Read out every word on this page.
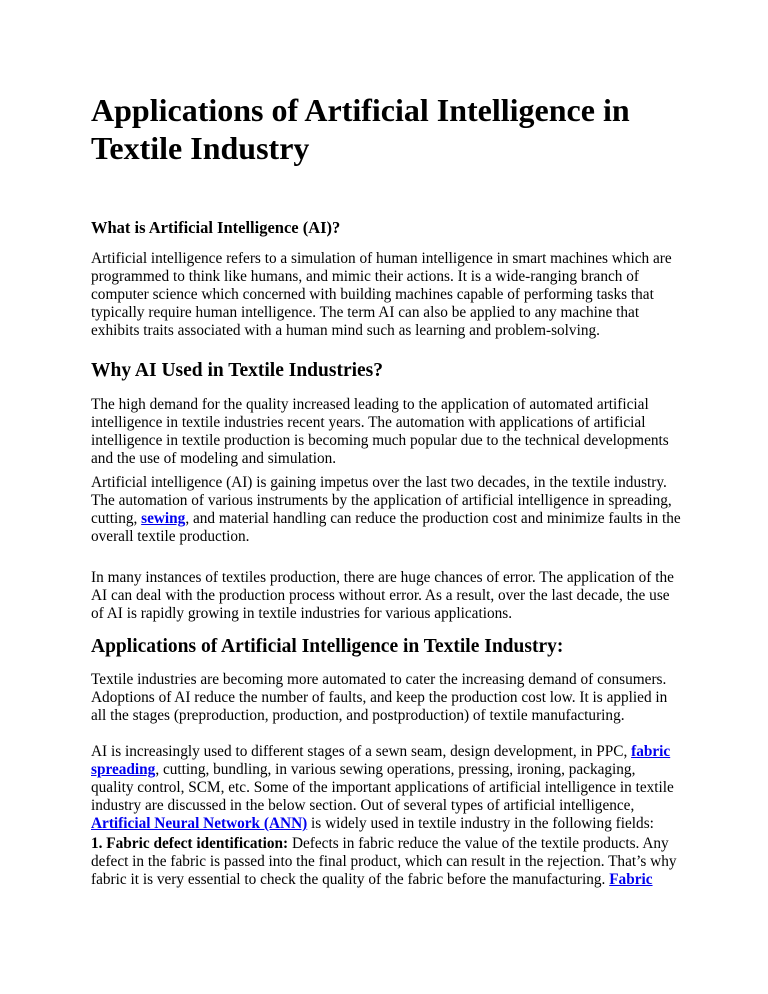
Applications of Artificial Intelligence in Textile Industry
What is Artificial Intelligence (AI)?

Artificial intelligence refers to a simulation of human intelligence in smart machines which are programmed to think like humans, and mimic their actions. It is a wide-ranging branch of computer science which concerned with building machines capable of performing tasks that typically require human intelligence. The term AI can also be applied to any machine that exhibits traits associated with a human mind such as learning and problem-solving.

Why AI Used in Textile Industries?

The high demand for the quality increased leading to the application of automated artificial intelligence in textile industries recent years. The automation with applications of artificial intelligence in textile production is becoming much popular due to the technical developments and the use of modeling and simulation.

Artificial intelligence (AI) is gaining impetus over the last two decades, in the textile industry. The automation of various instruments by the application of artificial intelligence in spreading, cutting, sewing, and material handling can reduce the production cost and minimize faults in the overall textile production.

In many instances of textiles production, there are huge chances of error. The application of the AI can deal with the production process without error. As a result, over the last decade, the use of AI is rapidly growing in textile industries for various applications.

Applications of Artificial Intelligence in Textile Industry:

Textile industries are becoming more automated to cater the increasing demand of consumers. Adoptions of AI reduce the number of faults, and keep the production cost low. It is applied in all the stages (preproduction, production, and postproduction) of textile manufacturing.

AI is increasingly used to different stages of a sewn seam, design development, in PPC, fabric spreading, cutting, bundling, in various sewing operations, pressing, ironing, packaging, quality control, SCM, etc. Some of the important applications of artificial intelligence in textile industry are discussed in the below section. Out of several types of artificial intelligence, Artificial Neural Network (ANN) is widely used in textile industry in the following fields:

1. Fabric defect identification: Defects in fabric reduce the value of the textile products. Any defect in the fabric is passed into the final product, which can result in the rejection. That’s why fabric it is very essential to check the quality of the fabric before the manufacturing. Fabric
